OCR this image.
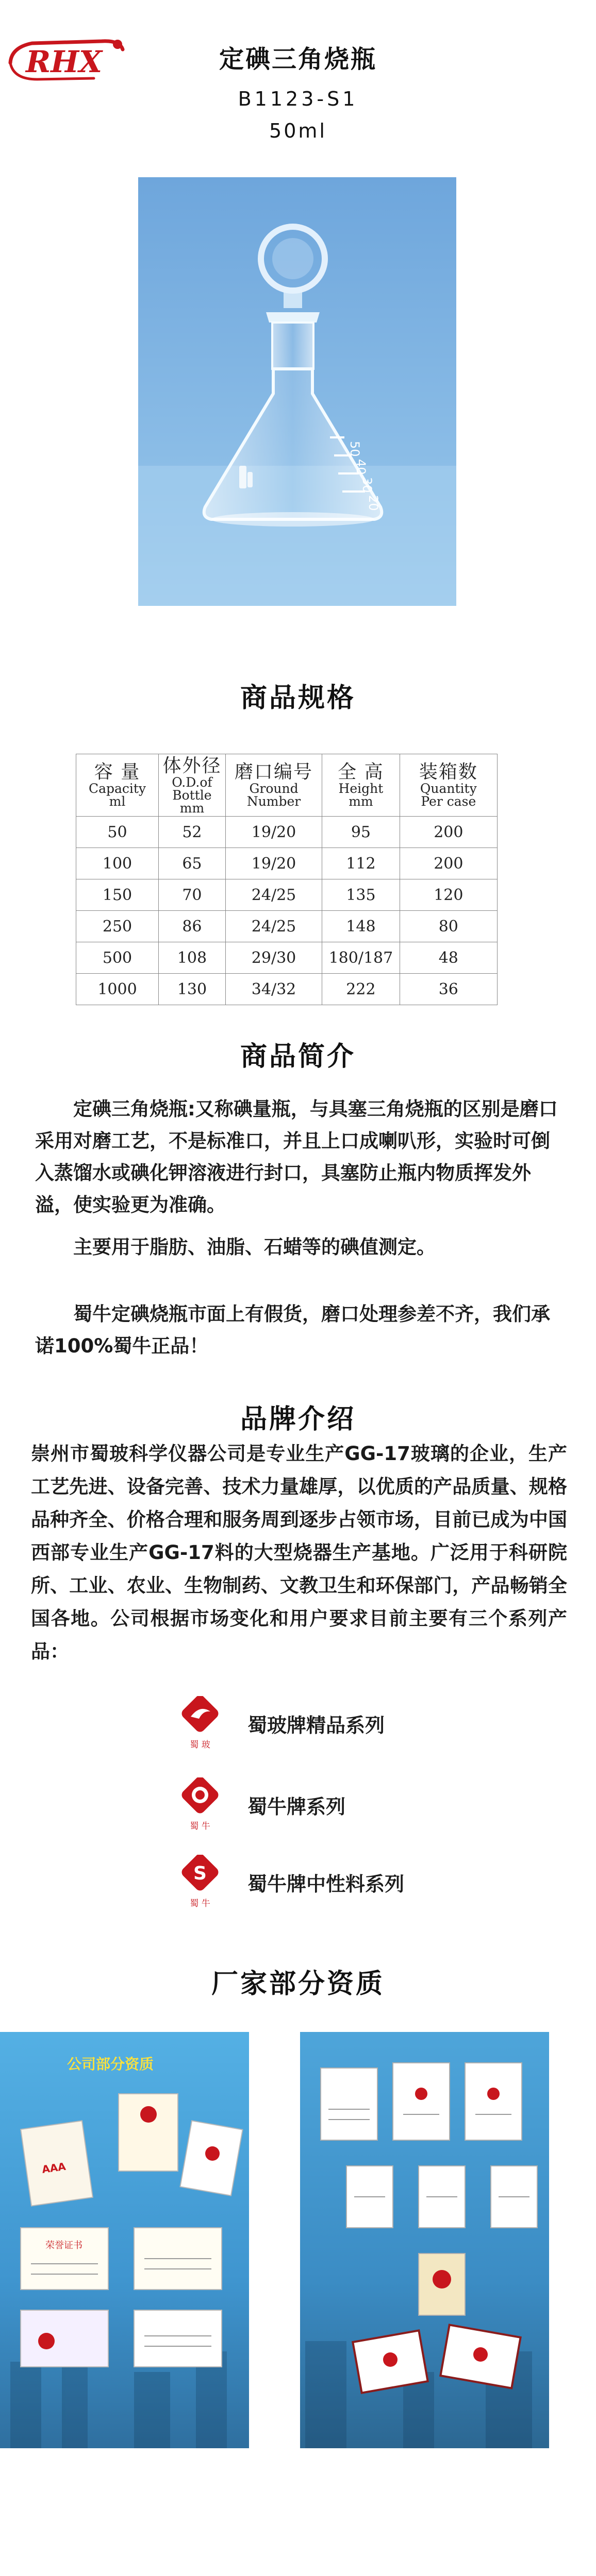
RHX	定碘三角烧瓶
B1123-S1
50ml
50
40
30
20
商品规格
容 量
Capacity
ml	体外径
O.D.of
Bottle
mm	磨口编号
Ground
Number	全 高
Height
mm	装箱数
Quantity
Per case

50	52	19/20	95	200
100	65	19/20	112	200
150	70	24/25	135	120
250	86	24/25	148	80
500	108	29/30	180/187	48
1000	130	34/32	222	36
商品简介

　　定碘三角烧瓶:又称碘量瓶，与具塞三角烧瓶的区别是磨口采用对磨工艺，不是标准口，并且上口成喇叭形，实验时可倒入蒸馏水或碘化钾溶液进行封口，具塞防止瓶内物质挥发外溢，使实验更为准确。

　　主要用于脂肪、油脂、石蜡等的碘值测定。

　　蜀牛定碘烧瓶市面上有假货，磨口处理参差不齐，我们承诺100%蜀牛正品！

品牌介绍

崇州市蜀玻科学仪器公司是专业生产GG-17玻璃的企业，生产工艺先进、设备完善、技术力量雄厚，以优质的产品质量、规格品种齐全、价格合理和服务周到逐步占领市场，目前已成为中国西部专业生产GG-17料的大型烧器生产基地。广泛用于科研院所、工业、农业、生物制药、文教卫生和环保部门，产品畅销全国各地。公司根据市场变化和用户要求目前主要有三个系列产品：

蜀 玻
蜀玻牌精品系列
蜀 牛
蜀牛牌系列
S
蜀 牛
蜀牛牌中性料系列
厂家部分资质
公司部分资质
AAA
荣誉证书
